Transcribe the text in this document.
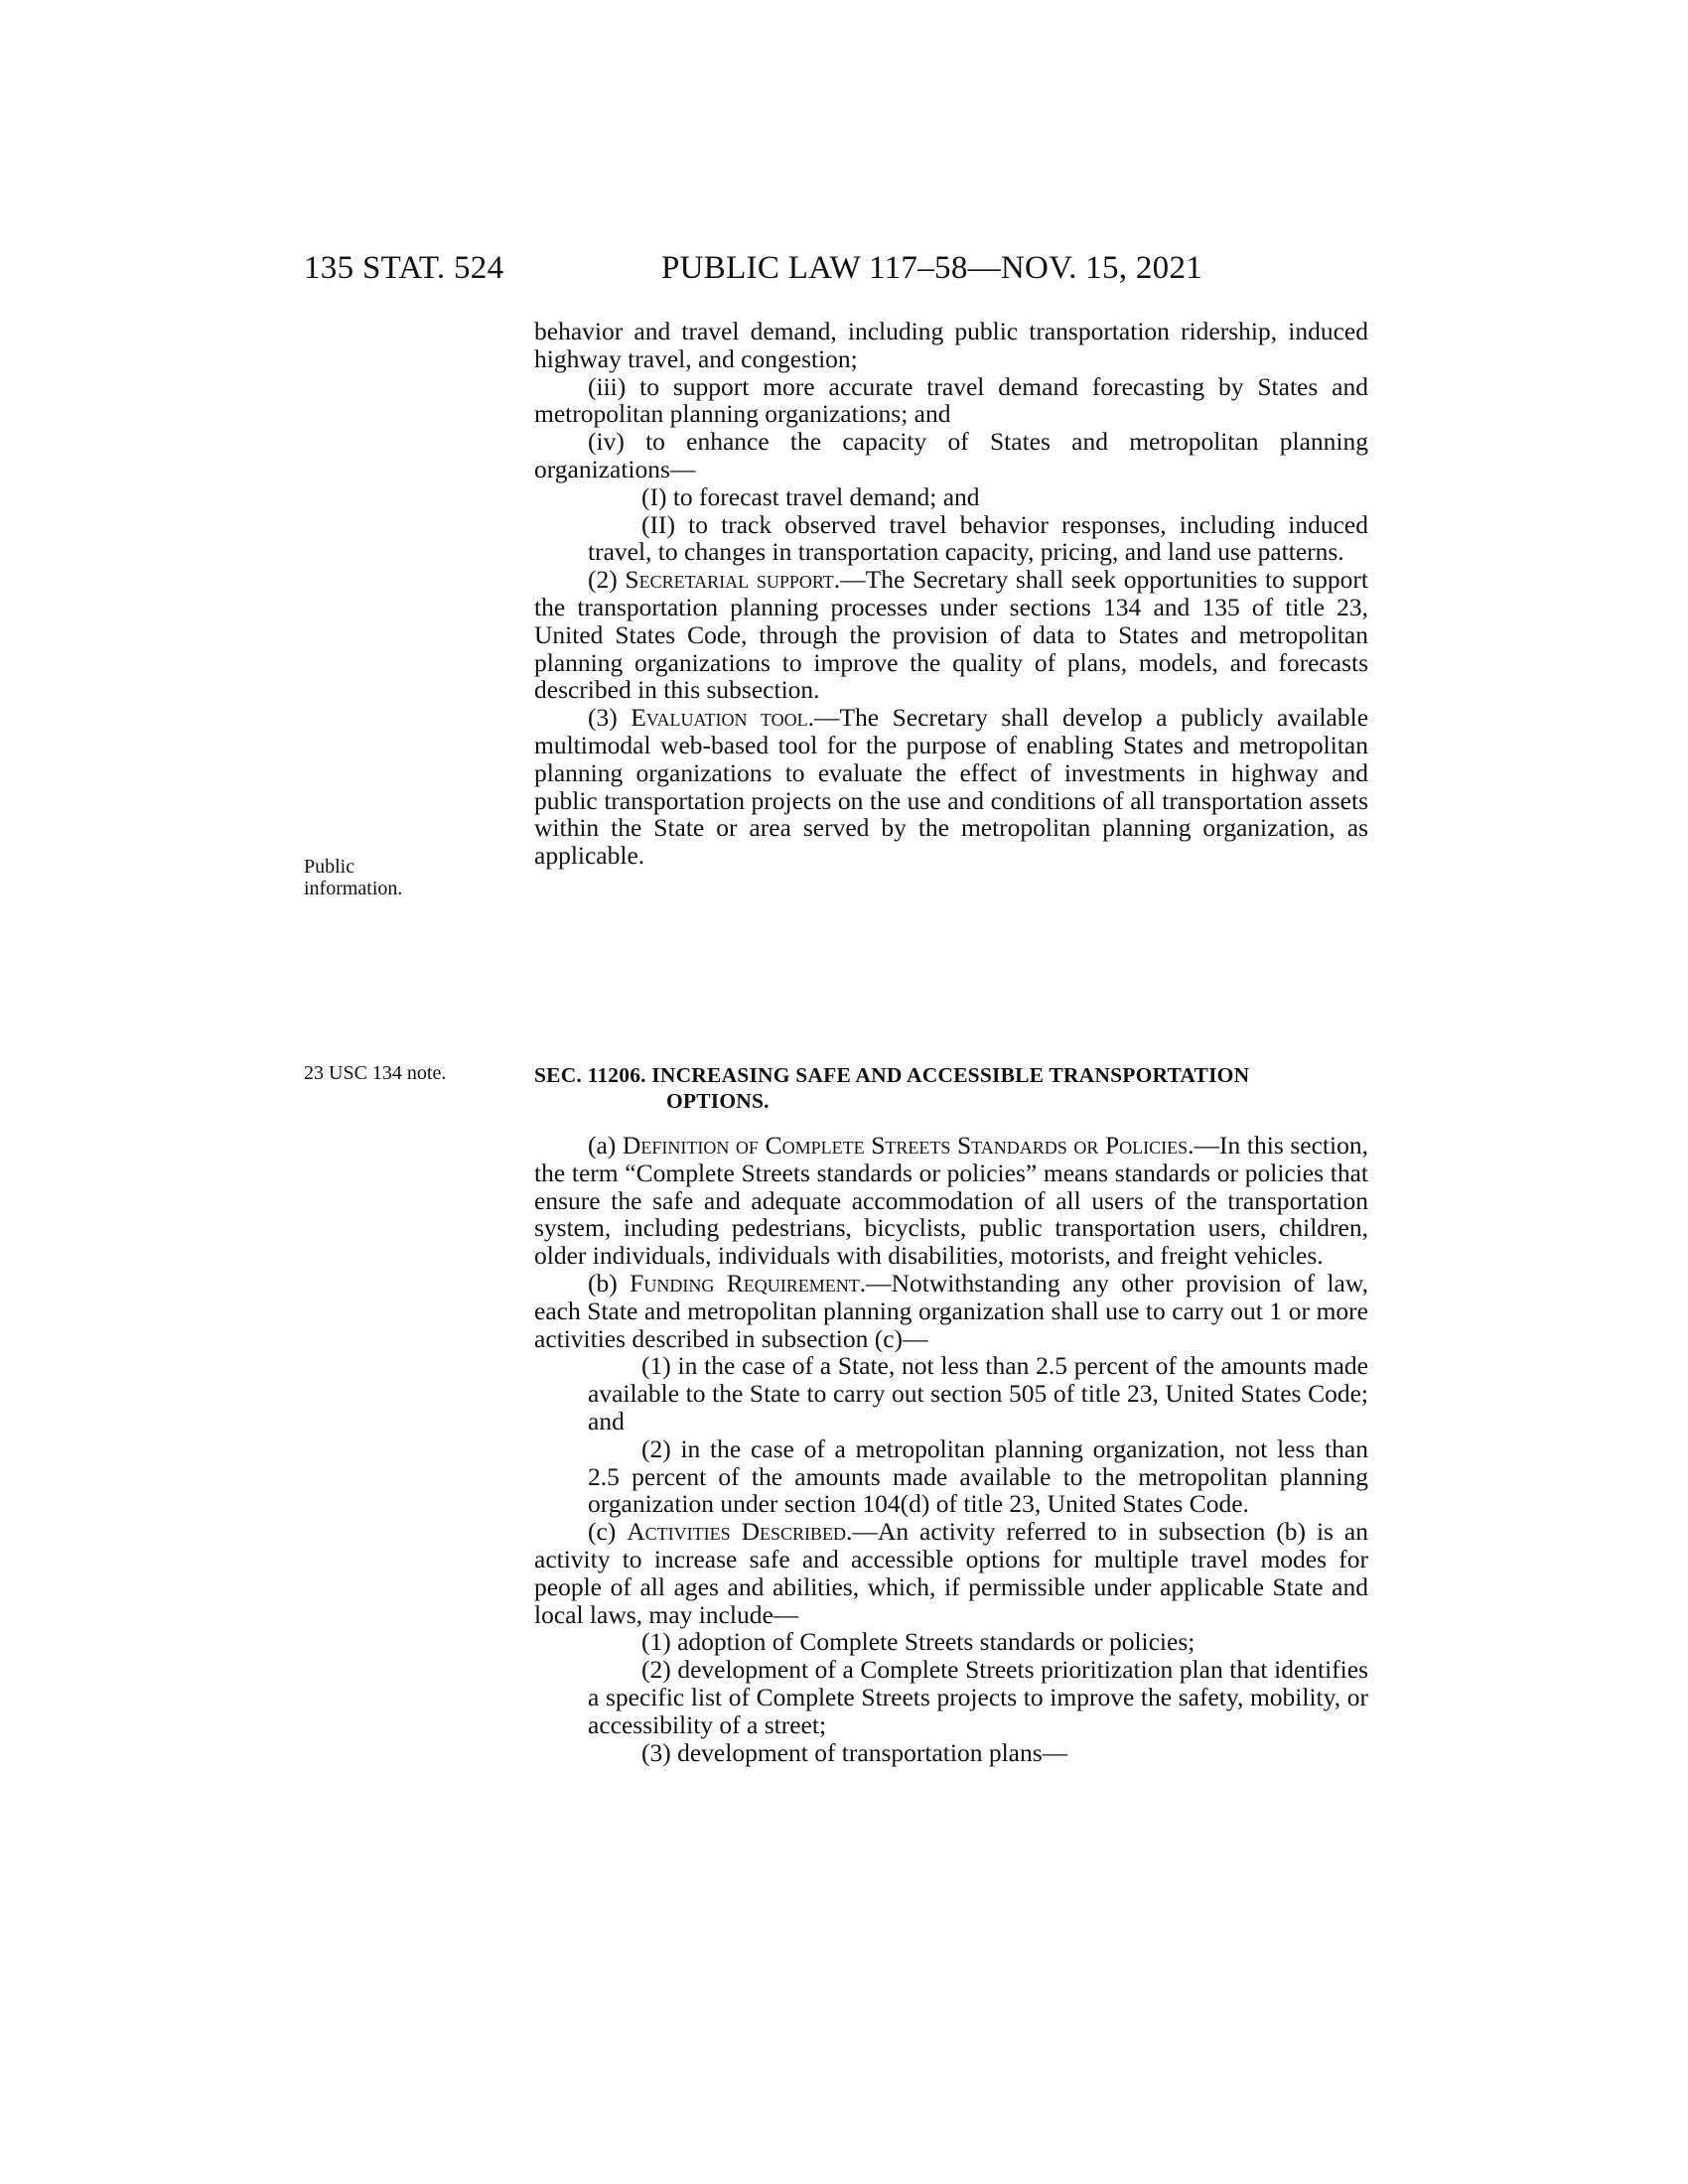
135 STAT. 524	PUBLIC LAW 117–58—NOV. 15, 2021
Public
information.
23 USC 134 note.

behavior and travel demand, including public transportation ridership, induced highway travel, and congestion;

(iii) to support more accurate travel demand forecasting by States and metropolitan planning organizations; and

(iv) to enhance the capacity of States and metropolitan planning organizations—

(I) to forecast travel demand; and

(II) to track observed travel behavior responses, including induced travel, to changes in transportation capacity, pricing, and land use patterns.

(2) Secretarial support.—The Secretary shall seek opportunities to support the transportation planning processes under sections 134 and 135 of title 23, United States Code, through the provision of data to States and metropolitan planning organizations to improve the quality of plans, models, and forecasts described in this subsection.

(3) Evaluation tool.—The Secretary shall develop a publicly available multimodal web-based tool for the purpose of enabling States and metropolitan planning organizations to evaluate the effect of investments in highway and public transportation projects on the use and conditions of all transportation assets within the State or area served by the metropolitan planning organization, as applicable.

SEC. 11206. INCREASING SAFE AND ACCESSIBLE TRANSPORTATION
OPTIONS.

(a) Definition of Complete Streets Standards or Policies.—In this section, the term “Complete Streets standards or policies” means standards or policies that ensure the safe and adequate accommodation of all users of the transportation system, including pedestrians, bicyclists, public transportation users, children, older individuals, individuals with disabilities, motorists, and freight vehicles.

(b) Funding Requirement.—Notwithstanding any other provision of law, each State and metropolitan planning organization shall use to carry out 1 or more activities described in subsection (c)—

(1) in the case of a State, not less than 2.5 percent of the amounts made available to the State to carry out section 505 of title 23, United States Code; and

(2) in the case of a metropolitan planning organization, not less than 2.5 percent of the amounts made available to the metropolitan planning organization under section 104(d) of title 23, United States Code.

(c) Activities Described.—An activity referred to in subsection (b) is an activity to increase safe and accessible options for multiple travel modes for people of all ages and abilities, which, if permissible under applicable State and local laws, may include—

(1) adoption of Complete Streets standards or policies;

(2) development of a Complete Streets prioritization plan that identifies a specific list of Complete Streets projects to improve the safety, mobility, or accessibility of a street;

(3) development of transportation plans—
